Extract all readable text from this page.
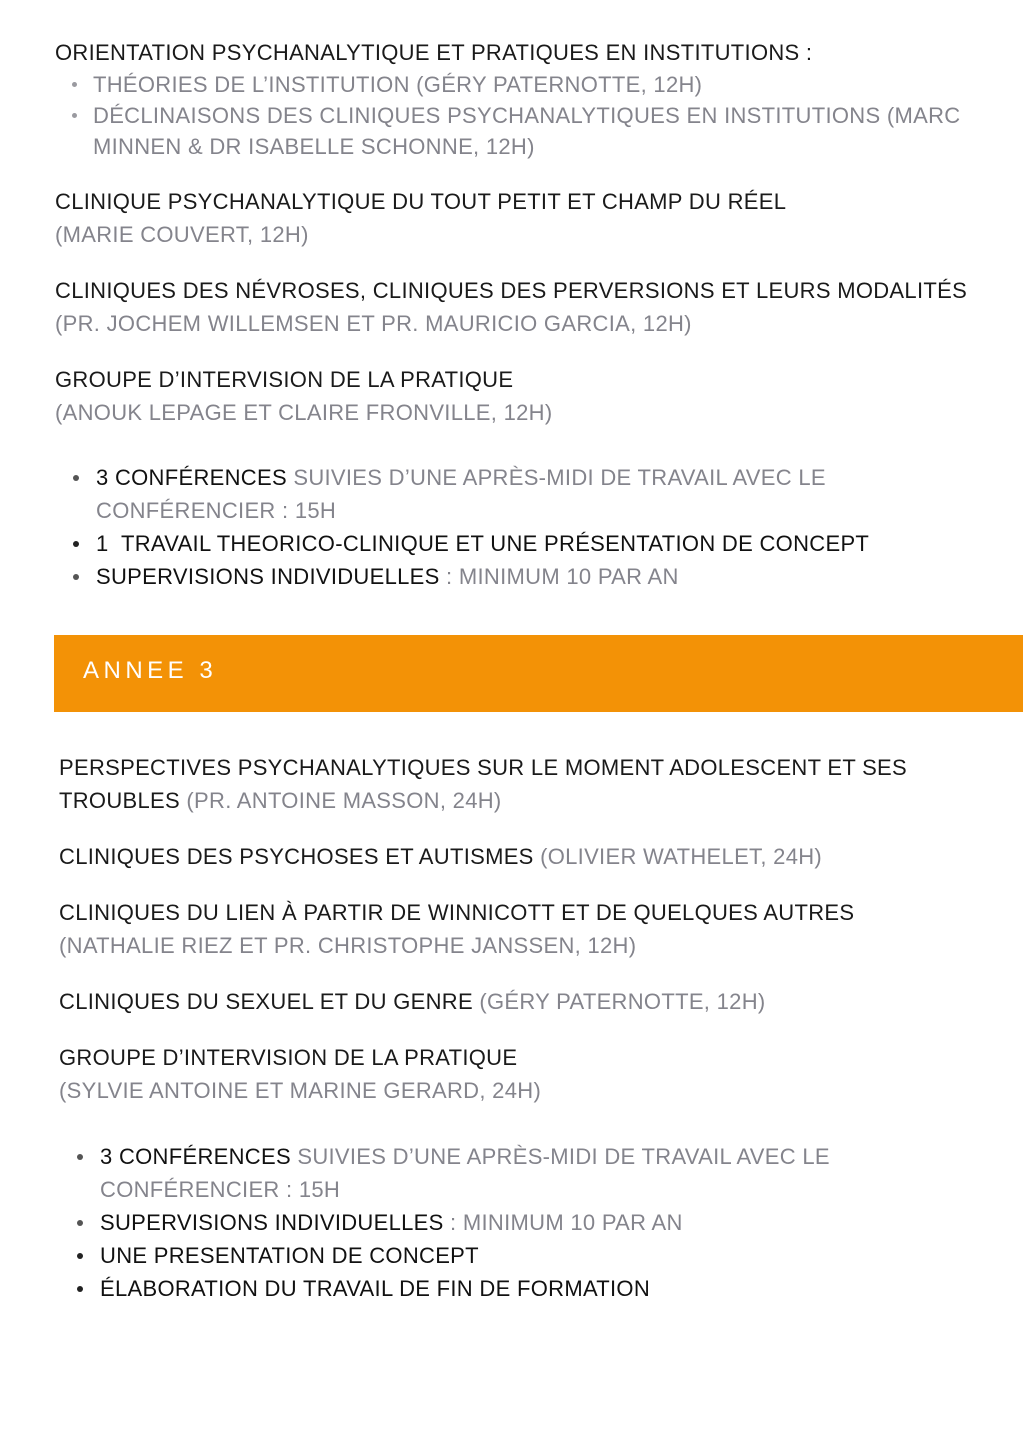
ORIENTATION PSYCHANALYTIQUE ET PRATIQUES EN INSTITUTIONS :
THÉORIES DE L’INSTITUTION (GÉRY PATERNOTTE, 12H)
DÉCLINAISONS DES CLINIQUES PSYCHANALYTIQUES EN INSTITUTIONS (MARC MINNEN & DR ISABELLE SCHONNE, 12H)
CLINIQUE PSYCHANALYTIQUE DU TOUT PETIT ET CHAMP DU RÉEL
(MARIE COUVERT, 12H)
CLINIQUES DES NÉVROSES, CLINIQUES DES PERVERSIONS ET LEURS MODALITÉS (PR. JOCHEM WILLEMSEN ET PR. MAURICIO GARCIA, 12H)
GROUPE D’INTERVISION DE LA PRATIQUE
(ANOUK LEPAGE ET CLAIRE FRONVILLE, 12H)
3 CONFÉRENCES SUIVIES D’UNE APRÈS-MIDI DE TRAVAIL AVEC LE CONFÉRENCIER : 15H
1  TRAVAIL THEORICO-CLINIQUE ET UNE PRÉSENTATION DE CONCEPT
SUPERVISIONS INDIVIDUELLES : MINIMUM 10 PAR AN
ANNEE 3
PERSPECTIVES PSYCHANALYTIQUES SUR LE MOMENT ADOLESCENT ET SES TROUBLES (PR. ANTOINE MASSON, 24H)
CLINIQUES DES PSYCHOSES ET AUTISMES (OLIVIER WATHELET, 24H)
CLINIQUES DU LIEN À PARTIR DE WINNICOTT ET DE QUELQUES AUTRES
(NATHALIE RIEZ ET PR. CHRISTOPHE JANSSEN, 12H)
CLINIQUES DU SEXUEL ET DU GENRE (GÉRY PATERNOTTE, 12H)
GROUPE D’INTERVISION DE LA PRATIQUE
(SYLVIE ANTOINE ET MARINE GERARD, 24H)
3 CONFÉRENCES SUIVIES D’UNE APRÈS-MIDI DE TRAVAIL AVEC LE CONFÉRENCIER : 15H
SUPERVISIONS INDIVIDUELLES : MINIMUM 10 PAR AN
UNE PRESENTATION DE CONCEPT
ÉLABORATION DU TRAVAIL DE FIN DE FORMATION
